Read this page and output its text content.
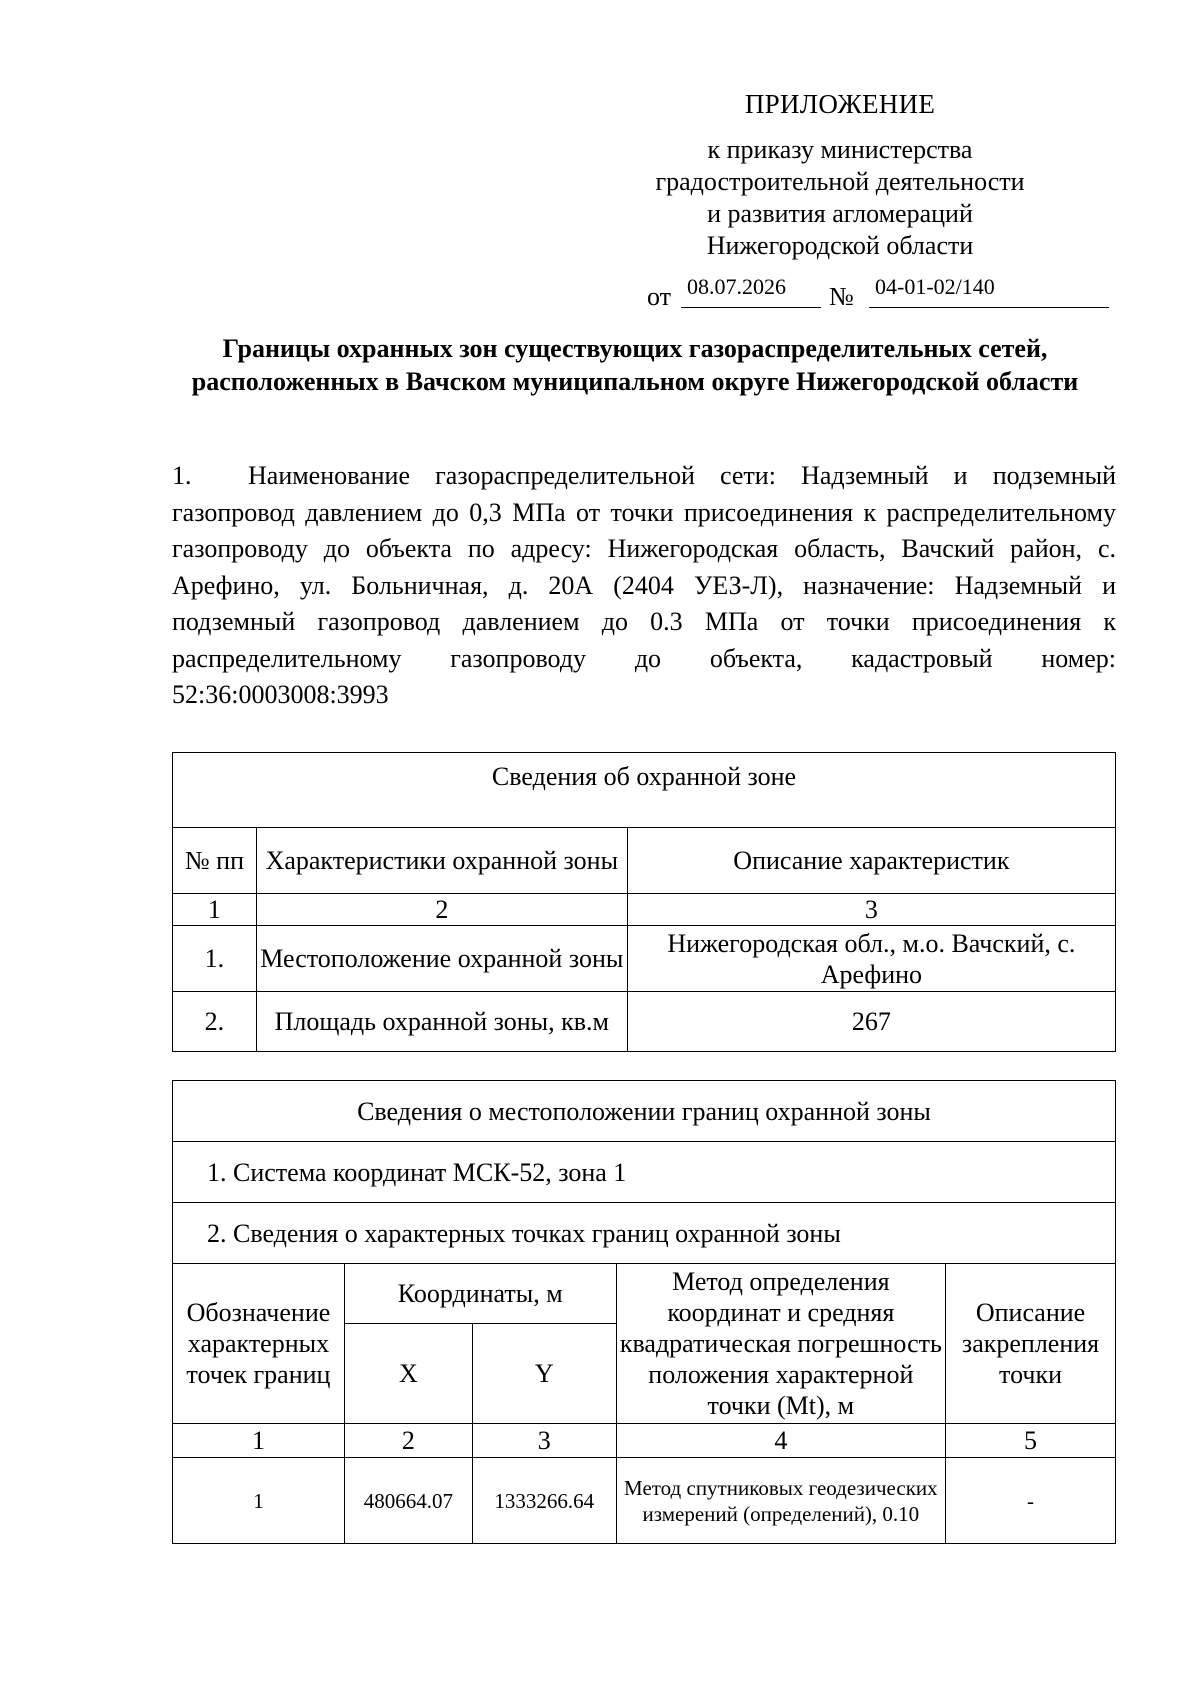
ПРИЛОЖЕНИЕ
к приказу министерства
градостроительной деятельности
и развития агломераций
Нижегородской области
от 08.07.2026 № 04-01-02/140
Границы охранных зон существующих газораспределительных сетей, расположенных в Вачском муниципальном округе Нижегородской области
1. Наименование газораспределительной сети: Надземный и подземный газопровод давлением до 0,3 МПа от точки присоединения к распределительному газопроводу до объекта по адресу: Нижегородская область, Вачский район, с. Арефино, ул. Больничная, д. 20А (2404 УЕЗ-Л), назначение: Надземный и подземный газопровод давлением до 0.3 МПа от точки присоединения к распределительному газопроводу до объекта, кадастровый номер: 52:36:0003008:3993
Сведения об охранной зоне		
№ пп	Характеристики охранной зоны	Описание характеристик
1	2	3
1.	Местоположение охранной зоны	Нижегородская обл., м.о. Вачский, с. Арефино
2.	Площадь охранной зоны, кв.м	267
Сведения о местоположении границ охранной зоны				
1. Система координат МСК-52, зона 1				
2. Сведения о характерных точках границ охранной зоны				
Обозначение характерных точек границ	Координаты, м		Метод определения координат и средняя квадратическая погрешность положения характерной точки (Mt), м	Описание закрепления точки
	X	Y		
1	2	3	4	5
1	480664.07	1333266.64	Метод спутниковых геодезических измерений (определений), 0.10	-
